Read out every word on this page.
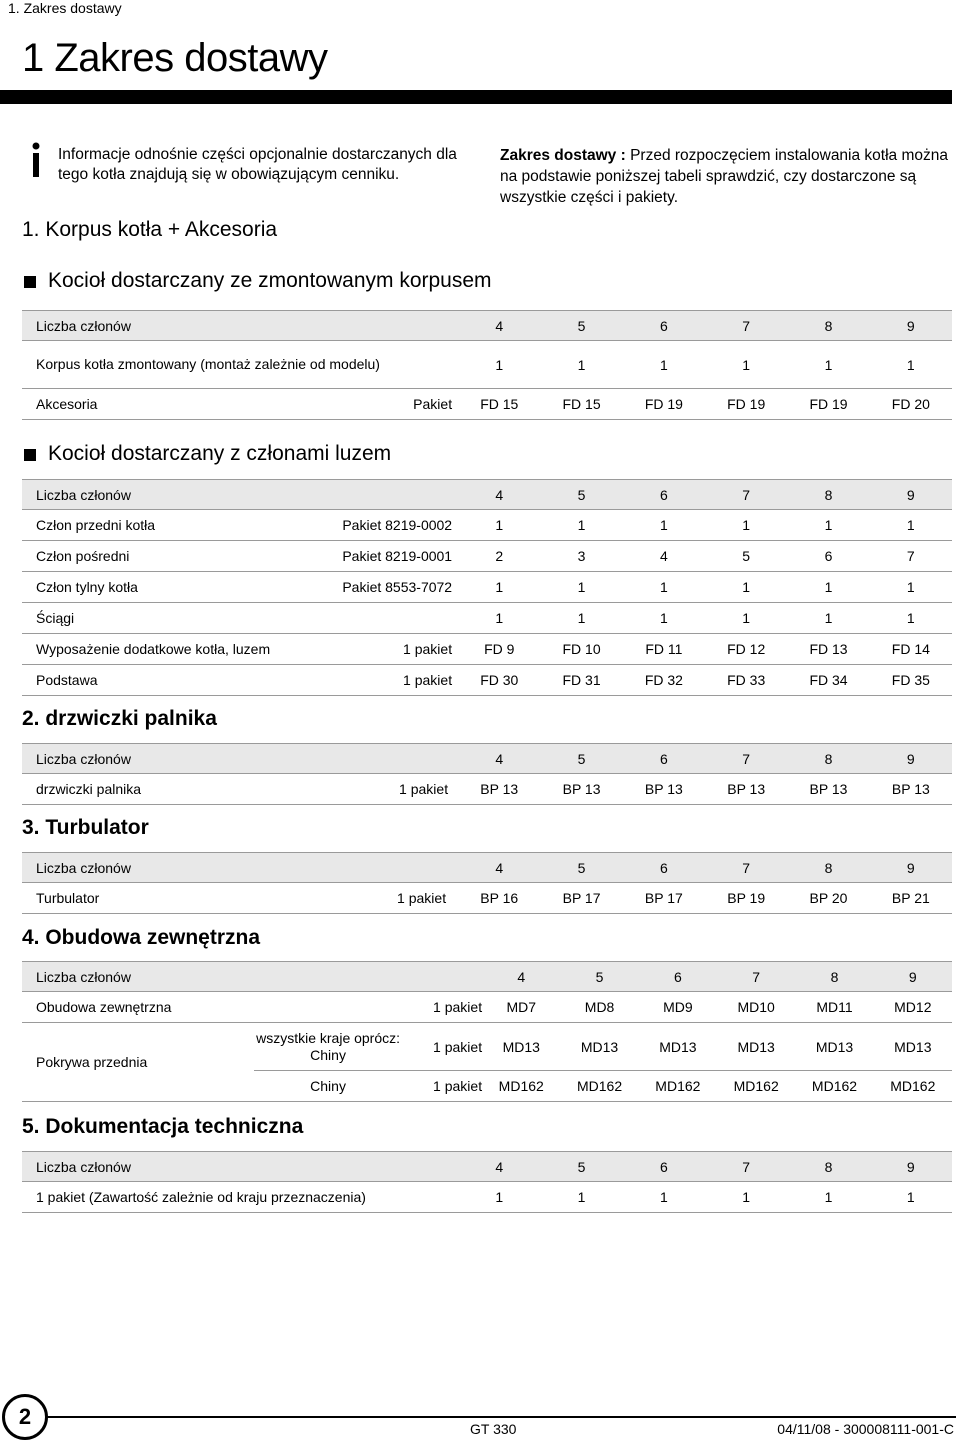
1. Zakres dostawy
1 Zakres dostawy
Informacje odnośnie części opcjonalnie dostarczanych dla tego kotła znajdują się w obowiązującym cenniku.
Zakres dostawy : Przed rozpoczęciem instalowania kotła można na podstawie poniższej tabeli sprawdzić, czy dostarczone są wszystkie części i pakiety.
1. Korpus kotła + Akcesoria
Kocioł dostarczany ze zmontowanym korpusem
Liczba członów		4	5	6	7	8	9
Korpus kotła zmontowany (montaż zależnie od modelu)		1	1	1	1	1	1
Akcesoria	Pakiet	FD 15	FD 15	FD 19	FD 19	FD 19	FD 20
Kocioł dostarczany z członami luzem
Liczba członów		4	5	6	7	8	9
Człon przedni kotła	Pakiet 8219-0002	1	1	1	1	1	1
Człon pośredni	Pakiet 8219-0001	2	3	4	5	6	7
Człon tylny kotła	Pakiet 8553-7072	1	1	1	1	1	1
Ściągi		1	1	1	1	1	1
Wyposażenie dodatkowe kotła, luzem	1 pakiet	FD 9	FD 10	FD 11	FD 12	FD 13	FD 14
Podstawa	1 pakiet	FD 30	FD 31	FD 32	FD 33	FD 34	FD 35
2. drzwiczki palnika
Liczba członów		4	5	6	7	8	9
drzwiczki palnika	1 pakiet	BP 13	BP 13	BP 13	BP 13	BP 13	BP 13
3. Turbulator
Liczba członów		4	5	6	7	8	9
Turbulator	1 pakiet	BP 16	BP 17	BP 17	BP 19	BP 20	BP 21
4. Obudowa zewnętrzna
Liczba członów			4	5	6	7	8	9
Obudowa zewnętrzna		1 pakiet	MD7	MD8	MD9	MD10	MD11	MD12
Pokrywa przednia	wszystkie kraje oprócz: Chiny	1 pakiet	MD13	MD13	MD13	MD13	MD13	MD13
	Chiny	1 pakiet	MD162	MD162	MD162	MD162	MD162	MD162
5. Dokumentacja techniczna
Liczba członów		4	5	6	7	8	9
1 pakiet (Zawartość zależnie od kraju przeznaczenia)		1	1	1	1	1	1
2	GT 330	04/11/08 - 300008111-001-C
